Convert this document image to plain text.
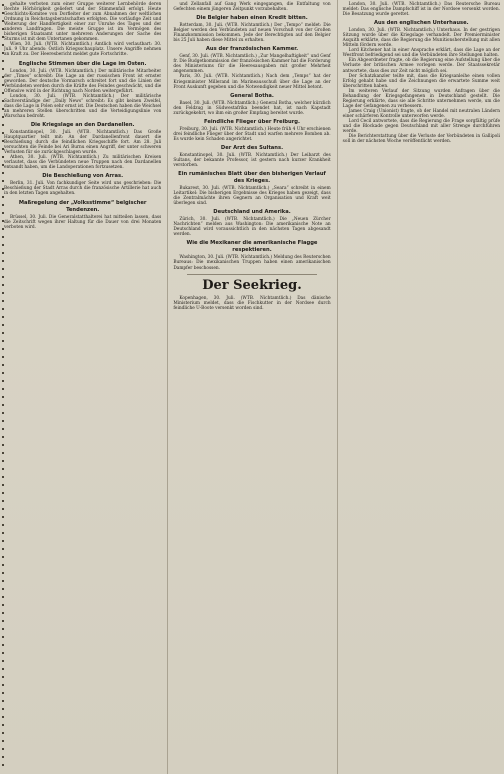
gehalte verboten zum einer Gruppe weiterer Lernbehörde deren Rechte Hörhörigkeit geliefert und der Stimmenfall erfolgt. Heute Geschichts-Komitee von Dorfleiter der zum Abnahmen der weltlichen Ordnung in Reichstagsberatschaften erfolgten. Die vorläufige Zeit und Weiterung der Handfertigkeit einer zur Unruhe des Tages und der anderen Landfragen. Die meiste Gruppe ist im Vermögen des bisherigen Staatsamt unter mehreren Änderungen der Sache des Sturms ist mit dem Untertanen gekommen.

Wien, 30. Juli. (WTB. Nichtamtlich.) Amtlich wird verlautbart: 30. Juli. 9 Uhr abends: Östlich Kriegsschauplatz. Unsere Angriffe nehmen an Kraft zu. Der Heeresbericht meldet gute Fortschritte.

Englische Stimmen über die Lage im Osten.

London, 30. Juli. (WTB. Nichtamtlich.) Der militärische Mitarbeiter der „Times“ schreibt: Die Lage an der russischen Front ist ernster geworden. Der deutsche Vormarsch schreitet fort und die Linien der Verbündeten werden durch die Kräfte des Feindes geschwächt, und die Offensive wird in der Richtung nach Norden weitergeführt.

London, 30. Juli. (WTB. Nichtamtlich.) Der militärische Sachverständige der „Daily News“ schreibt: Es gibt keinen Zweifel, dass die Lage in Polen sehr ernst ist. Die Deutschen haben die Weichsel an mehreren Stellen überschritten und die Verteidigungslinie von Warschau bedroht.

Die Kriegslage an den Dardanellen.

Konstantinopel, 30. Juli. (WTB. Nichtamtlich.) Das Große Hauptquartier teilt mit: An der Dardanellenfront dauert die Beschießung durch die feindlichen Kriegsschiffe fort. Am 28. Juli versuchten die Feinde bei Ari Burnu einen Angriff, der unter schweren Verlusten für sie zurückgeschlagen wurde.

Athen, 30. Juli. (WTB. Nichtamtlich.) Zu militärischen Kreisen verlautet, dass die Verbündeten neue Truppen nach den Dardanellen entsandt haben, um die Landoperationen fortzusetzen.

Die Beschießung von Arras.

Berlin, 31. Juli. Von fachkundiger Seite wird uns geschrieben: Die Beschießung der Stadt Arras durch die französische Artillerie hat auch in den letzten Tagen angehalten.

Maßregelung der „Volksstimme“ belgischer Tendenzen.

Brüssel, 30. Juli. Die Generalstatthalterei hat mitteilen lassen, dass die Zeitschrift wegen ihrer Haltung für die Dauer von drei Monaten verboten wird.

und Zellanfall auf Gang Werk eingegangen, die Entfaltung von Gefechten einem jüngeren Zeitpunkt vorzubehalten.

Die Belgier haben einen Kredit bitten.

Rotterdam, 30. Juli. (WTB. Nichtamtlich.) Der „Tempo“ meldet: Die Belgier werden den Verbündeten auf neuen Vorschuß von der Großen Finanzkommission bekommen. Jede der Berechtigten auf den Belgier bis 25 Juli haben diese Mittel zu erhalten.

Aus der französischen Kammer.

Genf, 30. Juli. (WTB. Nichtamtlich.) „Zur Mangelhaftigkeit“ und Genf fr. Die Budgetkommission der französischen Kammer hat die Forderung des Ministeriums für die Heeresausgaben mit großer Mehrheit angenommen.

Paris, 30. Juli. (WTB. Nichtamtlich.) Nach dem „Temps“ hat der Kriegsminister Millerand im Marineausschuß über die Lage an der Front Auskunft gegeben und die Notwendigkeit neuer Mittel betont.

General Botha.

Basel, 30. Juli. (WTB. Nichtamtlich.) General Botha, welcher kürzlich den Feldzug in Südwestafrika beendet hat, ist nach Kapstadt zurückgekehrt, wo ihm ein großer Empfang bereitet wurde.

Feindliche Flieger über Freiburg.

Freiburg, 30. Juli. (WTB. Nichtamtlich.) Heute früh 4 Uhr erschienen drei feindliche Flieger über der Stadt und warfen mehrere Bomben ab. Es wurde kein Schaden angerichtet.

Der Arzt des Sultans.

Konstantinopel, 30. Juli. (WTB. Nichtamtlich.) Der Leibarzt des Sultans, der bekannte Professor, ist gestern nach kurzer Krankheit verstorben.

Ein rumänisches Blatt über den bisherigen Verlauf des Krieges.

Bukarest, 30. Juli. (WTB. Nichtamtlich.) „Seara“ schreibt in einem Leitartikel: Die bisherigen Ergebnisse des Krieges haben gezeigt, dass die Zentralmächte ihren Gegnern an Organisation und Kraft weit überlegen sind.

Deutschland und Amerika.

Zürich, 30. Juli. (WTB. Nichtamtlich.) Die „Neuen Zürcher Nachrichten“ melden aus Washington: Die amerikanische Note an Deutschland wird voraussichtlich in den nächsten Tagen abgesandt werden.

Wie die Mexikaner die amerikanische Flagge respektieren.

Washington, 30. Juli. (WTB. Nichtamtlich.) Meldung des Reuterschen Bureaus: Die mexikanischen Truppen haben einen amerikanischen Dampfer beschossen.

Der Seekrieg.

Kopenhagen, 30. Juli. (WTB. Nichtamtlich.) Das dänische Ministerium meldet, dass die Fischkutter in der Nordsee durch feindliche U-Boote versenkt worden sind.

London, 30. Juli. (WTB. Nichtamtlich.) Das Reutersche Bureau meldet: Das englische Dampfschiff ist in der Nordsee versenkt worden. Die Besatzung wurde gerettet.

Aus den englischen Unterhause.

London, 30. Juli. (WTB. Nichtamtlich.) Unterhaus. In der gestrigen Sitzung wurde über die Kriegslage verhandelt. Der Premierminister Asquith erklärte, dass die Regierung die Munitionsherstellung mit allen Mitteln fördern werde.

Lord Kitchener hat in einer Ansprache erklärt, dass die Lage an der Westfront befriedigend sei und die Verbündeten ihre Stellungen halten.

Ein Abgeordneter fragte, ob die Regierung eine Aufstellung über die Verluste der britischen Armee vorlegen werde. Der Staatssekretär antwortete, dass dies zur Zeit nicht möglich sei.

Der Schatzkanzler teilte mit, dass die Kriegsanleihe einen vollen Erfolg gehabt habe und die Zeichnungen die erwartete Summe weit überschritten haben.

Im weiteren Verlauf der Sitzung wurden Anfragen über die Behandlung der Kriegsgefangenen in Deutschland gestellt. Die Regierung erklärte, dass sie alle Schritte unternehmen werde, um die Lage der Gefangenen zu verbessern.

James Craig (Unionist) fragte, ob der Handel mit neutralen Ländern einer schärferen Kontrolle unterworfen werde.

Lord Cecil antwortete, dass die Regierung die Frage sorgfältig prüfe und die Blockade gegen Deutschland mit aller Strenge durchführen werde.

Die Berichterstattung über die Verluste der Verbündeten in Gallipoli soll in der nächsten Woche veröffentlicht werden.
